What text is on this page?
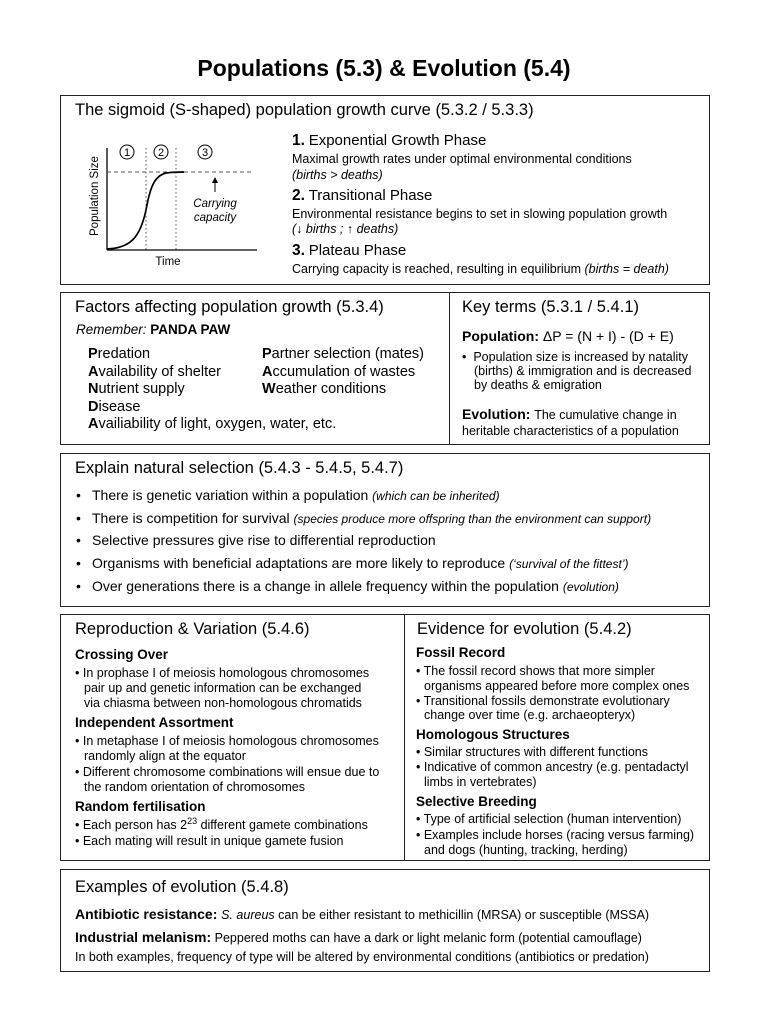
Populations (5.3) & Evolution (5.4)
The sigmoid (S-shaped) population growth curve (5.3.2 / 5.3.3)
Population Size
1	2	3
Carrying
capacity
Time
1. Exponential Growth Phase
Maximal growth rates under optimal environmental conditions
(births > deaths)
2. Transitional Phase
Environmental resistance begins to set in slowing population growth
(↓ births ; ↑ deaths)
3. Plateau Phase
Carrying capacity is reached, resulting in equilibrium (births = death)
Factors affecting population growth (5.3.4)
Remember: PANDA PAW
Predation
Availability of shelter
Nutrient supply
Disease
Availiability of light, oxygen, water, etc.
Partner selection (mates)
Accumulation of wastes
Weather conditions
Key terms (5.3.1 / 5.4.1)
Population: ΔP = (N + I) - (D + E)
•  Population size is increased by natality
(births) & immigration and is decreased
by deaths & emigration
Evolution: The cumulative change in
heritable characteristics of a population
Explain natural selection (5.4.3 - 5.4.5, 5.4.7)
• There is genetic variation within a population (which can be inherited)
• There is competition for survival (species produce more offspring than the environment can support)
• Selective pressures give rise to differential reproduction
• Organisms with beneficial adaptations are more likely to reproduce (‘survival of the fittest’)
• Over generations there is a change in allele frequency within the population (evolution)
Reproduction & Variation (5.4.6)
Crossing Over
• In prophase I of meiosis homologous chromosomes
pair up and genetic information can be exchanged
via chiasma between non-homologous chromatids
Independent Assortment
• In metaphase I of meiosis homologous chromosomes
randomly align at the equator
• Different chromosome combinations will ensue due to
the random orientation of chromosomes
Random fertilisation
• Each person has $2^{23}$ different gamete combinations
• Each mating will result in unique gamete fusion
Evidence for evolution (5.4.2)
Fossil Record
• The fossil record shows that more simpler
organisms appeared before more complex ones
• Transitional fossils demonstrate evolutionary
change over time (e.g. archaeopteryx)
Homologous Structures
• Similar structures with different functions
• Indicative of common ancestry (e.g. pentadactyl
limbs in vertebrates)
Selective Breeding
• Type of artificial selection (human intervention)
• Examples include horses (racing versus farming)
and dogs (hunting, tracking, herding)
Examples of evolution (5.4.8)
Antibiotic resistance: S. aureus can be either resistant to methicillin (MRSA) or susceptible (MSSA)
Industrial melanism: Peppered moths can have a dark or light melanic form (potential camouflage)
In both examples, frequency of type will be altered by environmental conditions (antibiotics or predation)
